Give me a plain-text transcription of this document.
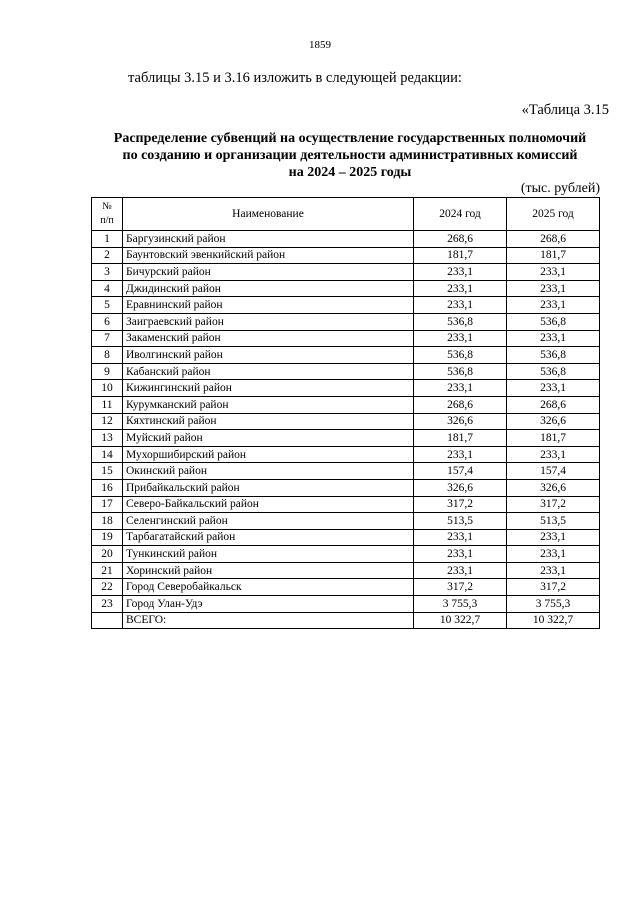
1859
таблицы 3.15 и 3.16 изложить в следующей редакции:
«Таблица 3.15
Распределение субвенций на осуществление государственных полномочий
по созданию и организации деятельности административных комиссий
на 2024 – 2025 годы
(тыс. рублей)
№
п/п	Наименование	2024 год	2025 год
1	Баргузинский район	268,6	268,6
2	Баунтовский эвенкийский район	181,7	181,7
3	Бичурский район	233,1	233,1
4	Джидинский район	233,1	233,1
5	Еравнинский район	233,1	233,1
6	Заиграевский район	536,8	536,8
7	Закаменский район	233,1	233,1
8	Иволгинский район	536,8	536,8
9	Кабанский район	536,8	536,8
10	Кижингинский район	233,1	233,1
11	Курумканский район	268,6	268,6
12	Кяхтинский район	326,6	326,6
13	Муйский район	181,7	181,7
14	Мухоршибирский район	233,1	233,1
15	Окинский район	157,4	157,4
16	Прибайкальский район	326,6	326,6
17	Северо-Байкальский район	317,2	317,2
18	Селенгинский район	513,5	513,5
19	Тарбагатайский район	233,1	233,1
20	Тункинский район	233,1	233,1
21	Хоринский район	233,1	233,1
22	Город Северобайкальск	317,2	317,2
23	Город Улан-Удэ	3 755,3	3 755,3
	ВСЕГО:	10 322,7	10 322,7
